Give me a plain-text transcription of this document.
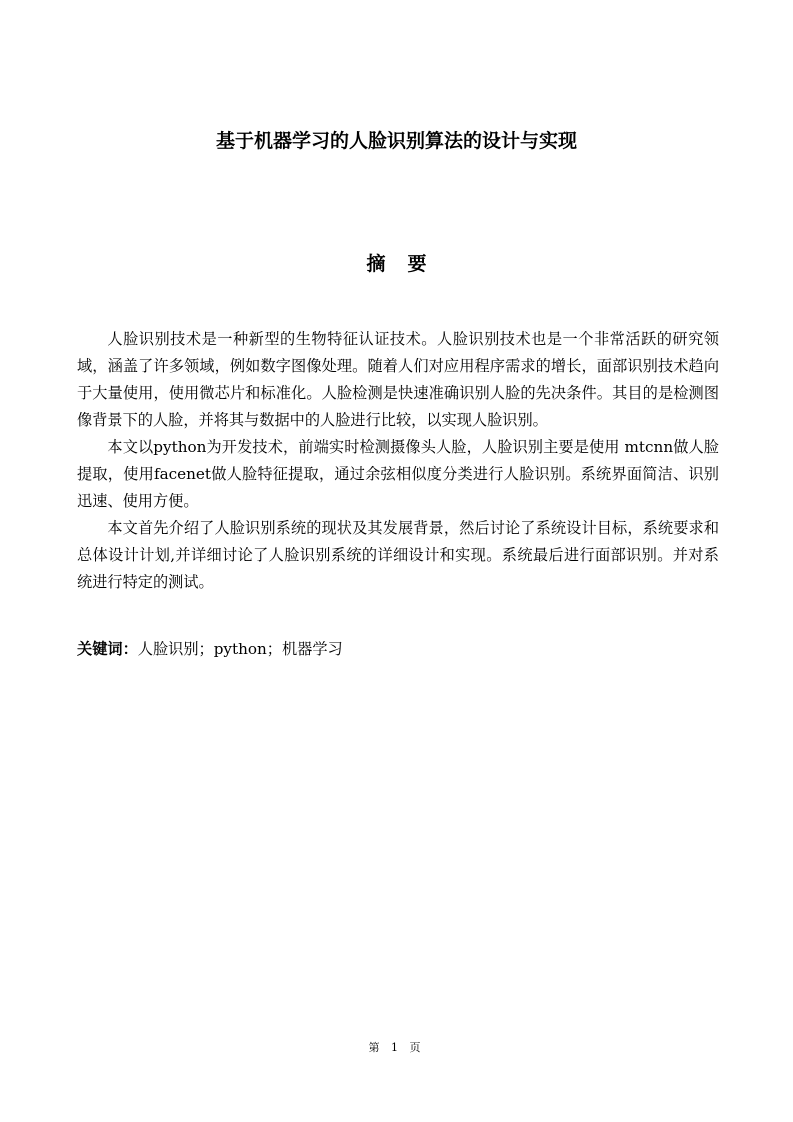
基于机器学习的人脸识别算法的设计与实现
摘要

人脸识别技术是一种新型的生物特征认证技术。人脸识别技术也是一个非常活跃的研究领域，涵盖了许多领域，例如数字图像处理。随着人们对应用程序需求的增长，面部识别技术趋向于大量使用，使用微芯片和标准化。人脸检测是快速准确识别人脸的先决条件。其目的是检测图像背景下的人脸，并将其与数据中的人脸进行比较，以实现人脸识别。

本文以python为开发技术，前端实时检测摄像头人脸，人脸识别主要是使用 mtcnn做人脸提取，使用facenet做人脸特征提取，通过余弦相似度分类进行人脸识别。系统界面简洁、识别迅速、使用方便。

本文首先介绍了人脸识别系统的现状及其发展背景，然后讨论了系统设计目标，系统要求和总体设计计划,并详细讨论了人脸识别系统的详细设计和实现。系统最后进行面部识别。并对系统进行特定的测试。

关键词：人脸识别；python；机器学习

第 1 页
